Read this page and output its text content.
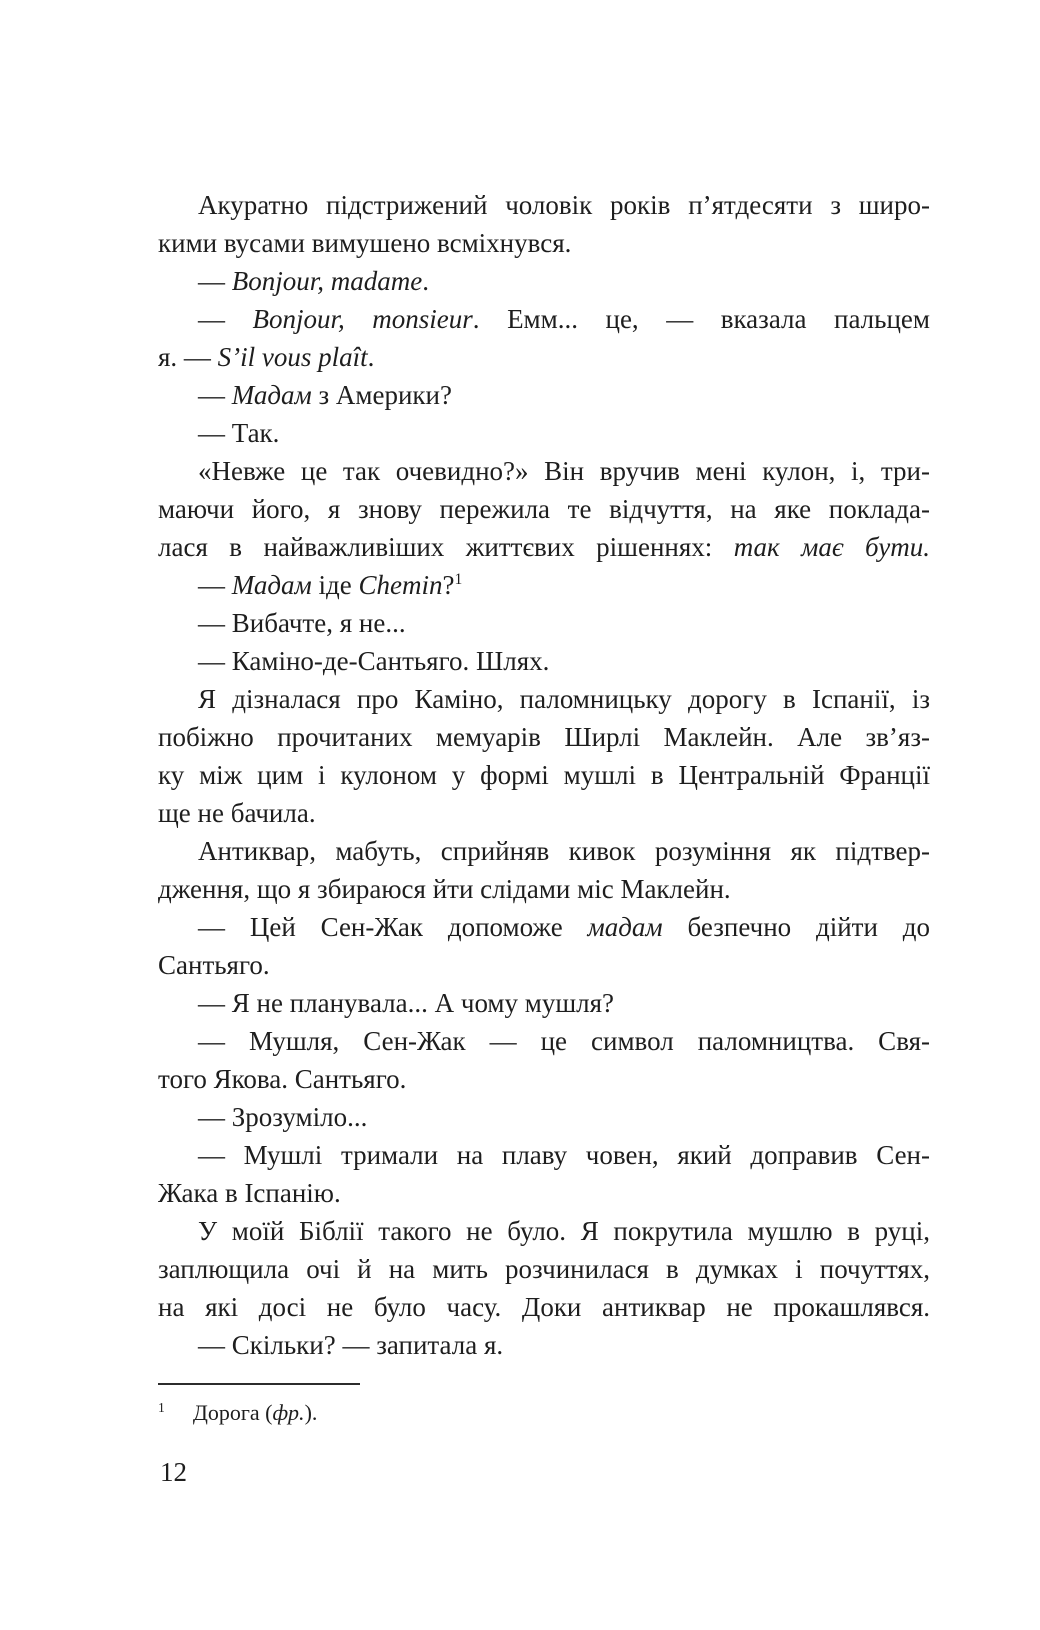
Акуратно підстрижений чоловік років п’ятдесяти з широ-
кими вусами вимушено всміхнувся.
— Bonjour, madame.
— Bonjour, monsieur. Емм... це, — вказала пальцем
я. — S’il vous plaît.
— Мадам з Америки?
— Так.
«Невже це так очевидно?» Він вручив мені кулон, і, три-
маючи його, я знову пережила те відчуття, на яке поклада-
лася в найважливіших життєвих рішеннях: так має бути.
— Мадам іде Chemin?$^1$
— Вибачте, я не...
— Каміно-де-Сантьяго. Шлях.
Я дізналася про Каміно, паломницьку дорогу в Іспанії, із
побіжно прочитаних мемуарів Ширлі Маклейн. Але зв’яз-
ку між цим і кулоном у формі мушлі в Центральній Франції
ще не бачила.
Антиквар, мабуть, сприйняв кивок розуміння як підтвер-
дження, що я збираюся йти слідами міс Маклейн.
— Цей Сен-Жак допоможе мадам безпечно дійти до
Сантьяго.
— Я не планувала... А чому мушля?
— Мушля, Сен-Жак — це символ паломництва. Свя-
того Якова. Сантьяго.
— Зрозуміло...
— Мушлі тримали на плаву човен, який доправив Сен-
Жака в Іспанію.
У моїй Біблії такого не було. Я покрутила мушлю в руці,
заплющила очі й на мить розчинилася в думках і почуттях,
на які досі не було часу. Доки антиквар не прокашлявся.
— Скільки? — запитала я.
$^1$ Дорога (фр.).
12
